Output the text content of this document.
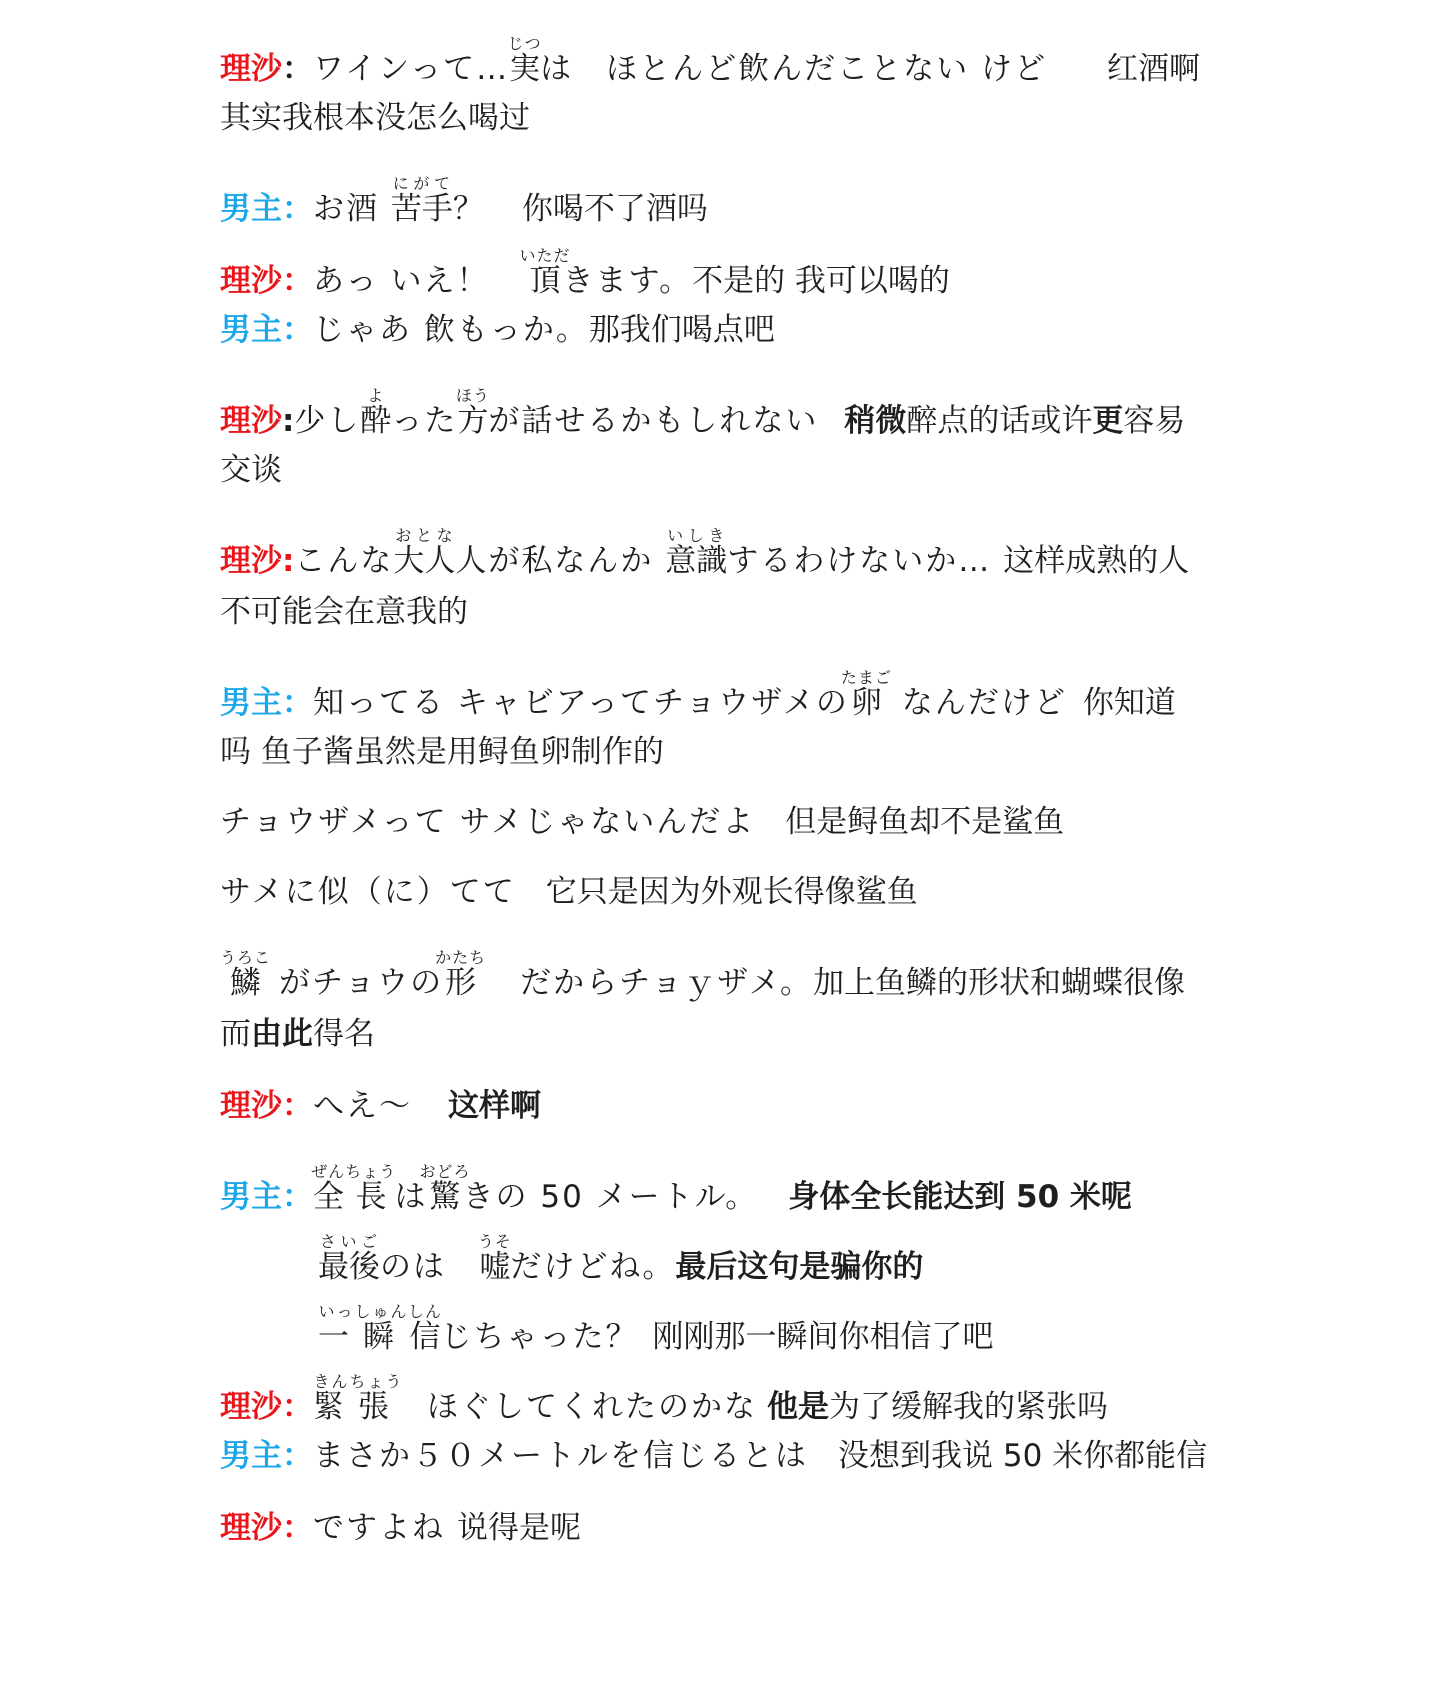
理沙：ワインって…実じつは　ほとんど飲んだことない けど 红酒啊
其实我根本没怎么喝过
男主：お酒 苦手にがて？ 你喝不了酒吗
理沙：あっ いえ！ 頂いただきます。不是的 我可以喝的
男主：じゃあ 飲もっか。那我们喝点吧
理沙:少し酔よった方ほうが話せるかもしれない 稍微醉点的话或许更容易
交谈
理沙:こんな大人おとな人が私なんか 意識いしきするわけないか… 这样成熟的人
不可能会在意我的
男主：知ってる キャビアってチョウザメの卵たまごなんだけど 你知道
吗 鱼子酱虽然是用鲟鱼卵制作的
チョウザメって サメじゃないんだよ 但是鲟鱼却不是鲨鱼
サメに似（に）てて 它只是因为外观长得像鲨鱼
鱗うろこがチョウの形かたちだからチョｙザメ。加上鱼鳞的形状和蝴蝶很像
而由此得名
理沙：へえ～ 这样啊
男主：全長ぜんちょうは驚おどろきの 50 メートル。 身体全长能达到 50 米呢
最後さいごのは 嘘うそだけどね。最后这句是骗你的
一瞬いっしゅん信しんじちゃった？ 刚刚那一瞬间你相信了吧
理沙：緊張きんちょうほぐしてくれたのかな 他是为了缓解我的紧张吗
男主：まさか５０メートルを信じるとは 没想到我说 50 米你都能信
理沙：ですよね 说得是呢
